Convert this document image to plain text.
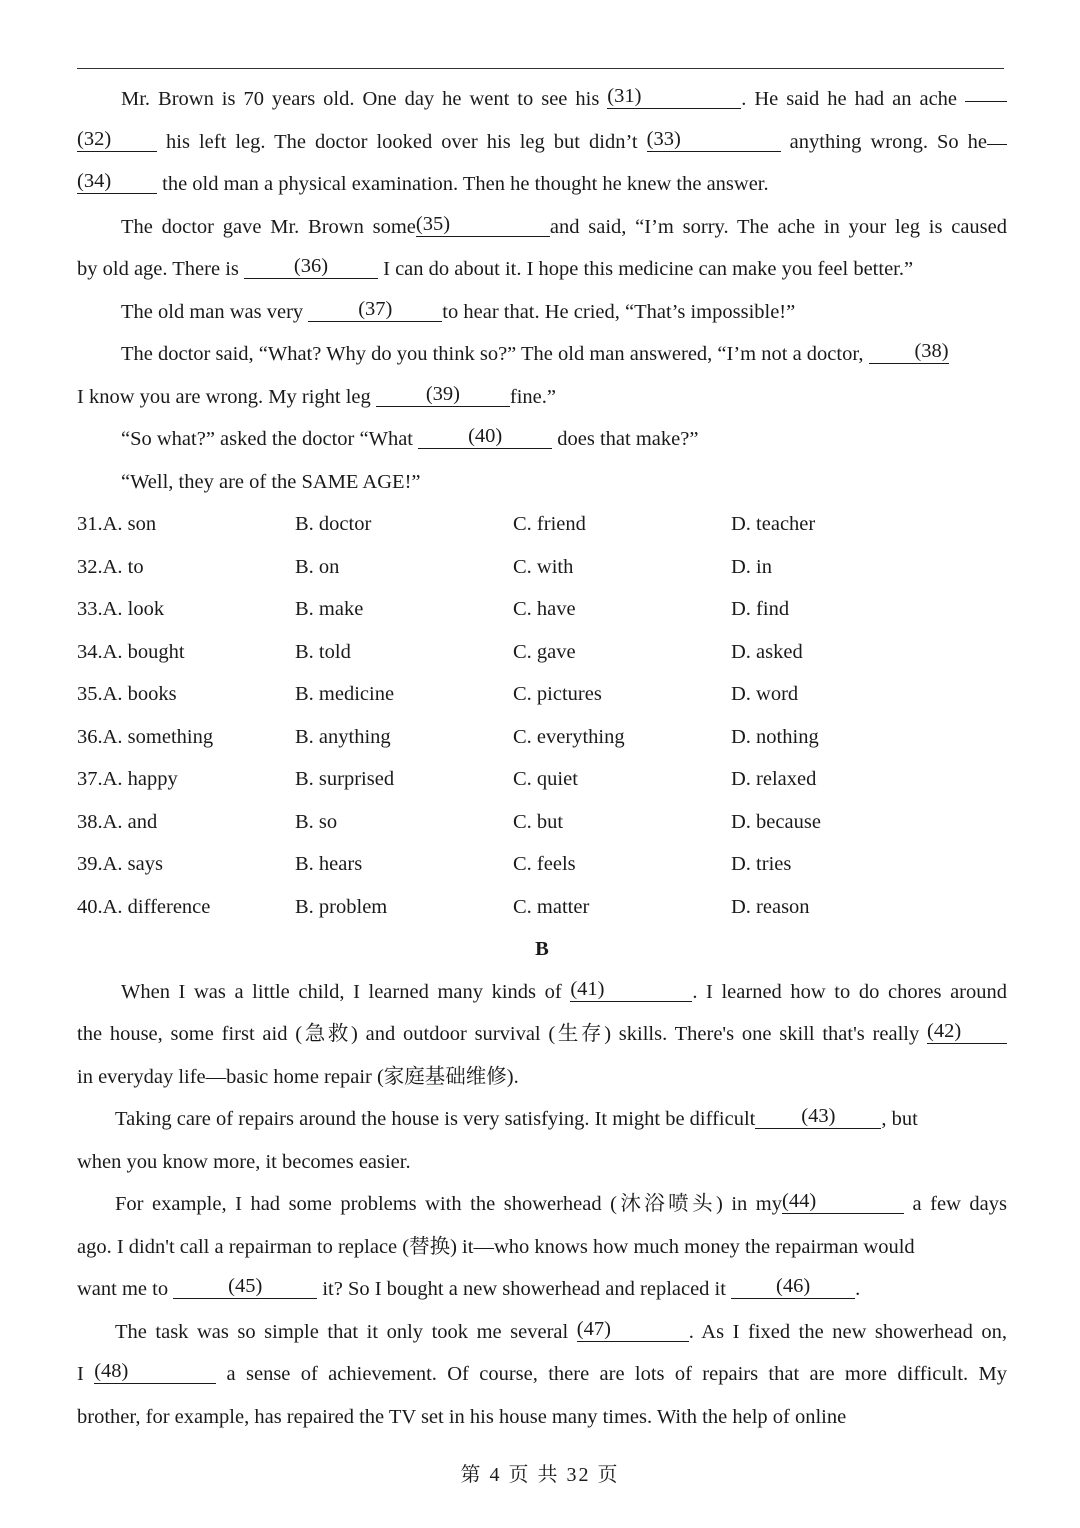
Mr. Brown is 70 years old. One day he went to see his (31)	. He said he had an ache
(32) his left leg. The doctor looked over his leg but didn’t (33)	anything wrong. So he
(34) the old man a physical examination. Then he thought he knew the answer.
The doctor gave Mr. Brown some(35)	and said, “I’m sorry. The ache in your leg is caused
by old age. There is (36) I can do about it. I hope this medicine can make you feel better.”
The old man was very (37) to hear that. He cried, “That’s impossible!”
The doctor said, “What? Why do you think so?” The old man answered, “I’m not a doctor, (38)
I know you are wrong. My right leg (39) fine.”
“So what?” asked the doctor “What (40) does that make?”
“Well, they are of the SAME AGE!”
31.A. son	B. doctor	C. friend	D. teacher
32.A. to	B. on	C. with	D. in
33.A. look	B. make	C. have	D. find
34.A. bought	B. told	C. gave	D. asked
35.A. books	B. medicine	C. pictures	D. word
36.A. something	B. anything	C. everything	D. nothing
37.A. happy	B. surprised	C. quiet	D. relaxed
38.A. and	B. so	C. but	D. because
39.A. says	B. hears	C. feels	D. tries
40.A. difference	B. problem	C. matter	D. reason
B
When I was a little child, I learned many kinds of (41)	. I learned how to do chores around
the house, some first aid (急救) and outdoor survival (生存) skills. There's one skill that's really (42)
in everyday life—basic home repair (家庭基础维修).
Taking care of repairs around the house is very satisfying. It might be difficult (43) , but
when you know more, it becomes easier.
For example, I had some problems with the showerhead (沐浴喷头) in my(44)	a few days
ago. I didn't call a repairman to replace (替换) it—who knows how much money the repairman would
want me to	(45)	it? So I bought a new showerhead and replaced it (46) .
The task was so simple that it only took me several (47)	. As I fixed the new showerhead on,
I (48)	a sense of achievement. Of course, there are lots of repairs that are more difficult. My
brother, for example, has repaired the TV set in his house many times. With the help of online
第 4 页 共 32 页
